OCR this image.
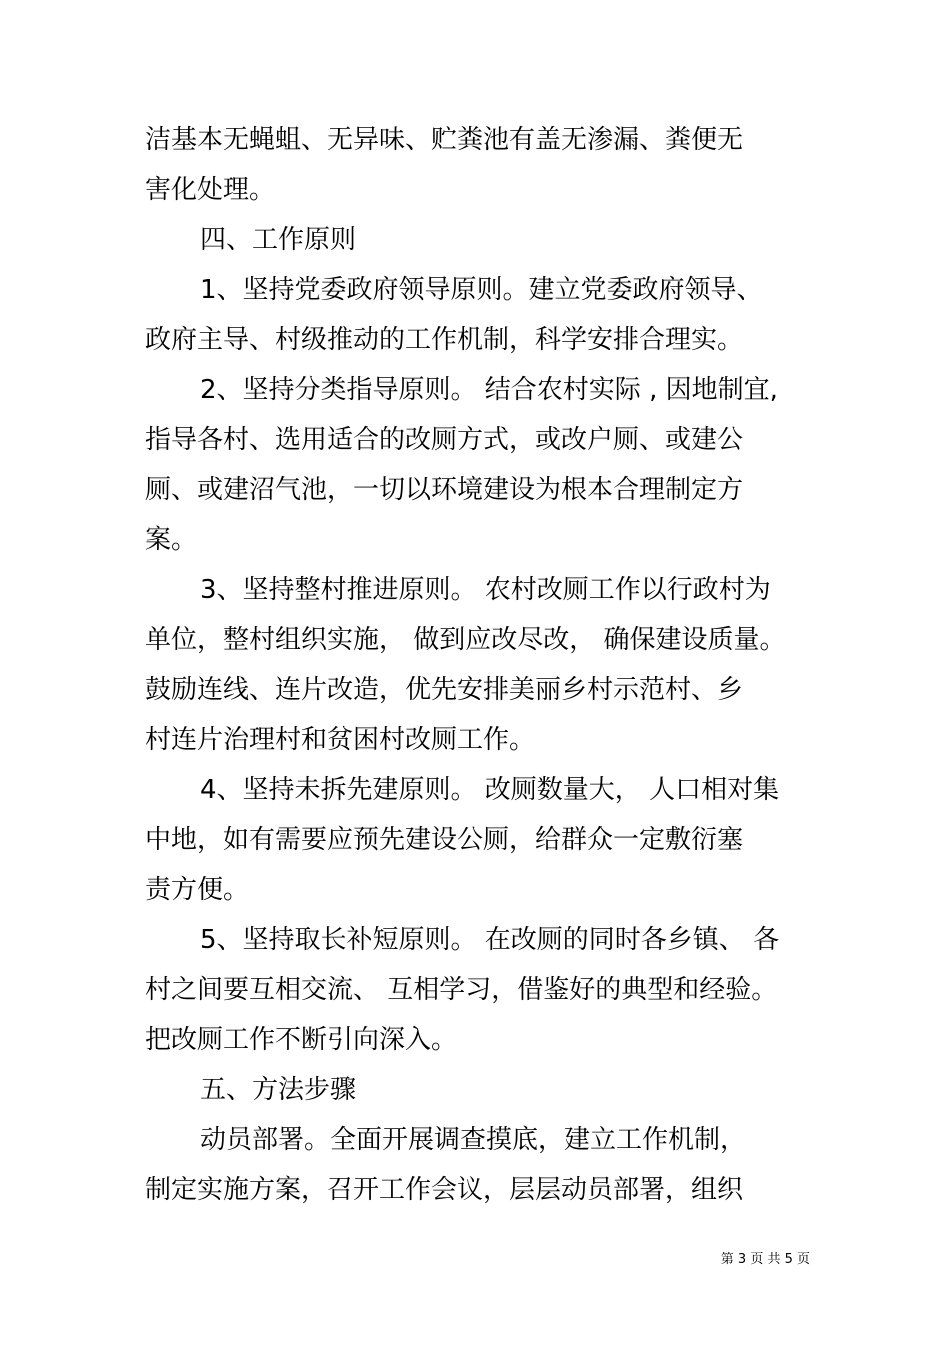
洁基本无蝇蛆、无异味、贮粪池有盖无渗漏、粪便无
害化处理。
四、工作原则
1、坚持党委政府领导原则。建立党委政府领导、
政府主导、村级推动的工作机制，科学安排合理实。
2、坚持分类指导原则。 结合农村实际 , 因地制宜,
指导各村、选用适合的改厕方式，或改户厕、或建公
厕、或建沼气池，一切以环境建设为根本合理制定方
案。
3、坚持整村推进原则。 农村改厕工作以行政村为
单位，整村组织实施， 做到应改尽改， 确保建设质量。
鼓励连线、连片改造，优先安排美丽乡村示范村、乡
村连片治理村和贫困村改厕工作。
4、坚持未拆先建原则。 改厕数量大， 人口相对集
中地，如有需要应预先建设公厕，给群众一定敷衍塞
责方便。
5、坚持取长补短原则。 在改厕的同时各乡镇、 各
村之间要互相交流、 互相学习，借鉴好的典型和经验。
把改厕工作不断引向深入。
五、方法步骤
动员部署。全面开展调查摸底，建立工作机制，
制定实施方案，召开工作会议，层层动员部署，组织
第 3 页 共 5 页
